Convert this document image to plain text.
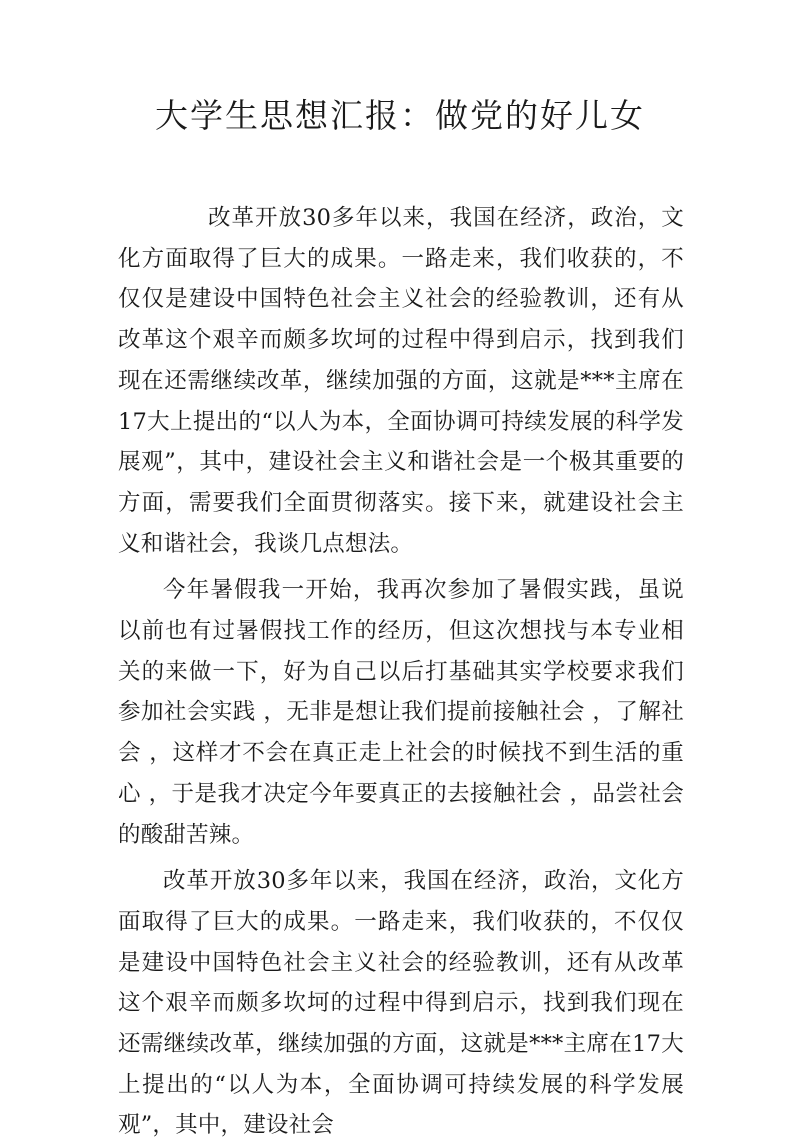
大学生思想汇报：做党的好儿女

改革开放30多年以来，我国在经济，政治，文化方面取得了巨大的成果。一路走来，我们收获的，不仅仅是建设中国特色社会主义社会的经验教训，还有从改革这个艰辛而颇多坎坷的过程中得到启示，找到我们现在还需继续改革，继续加强的方面，这就是***主席在17大上提出的“以人为本，全面协调可持续发展的科学发展观”，其中，建设社会主义和谐社会是一个极其重要的方面，需要我们全面贯彻落实。接下来，就建设社会主义和谐社会，我谈几点想法。

今年暑假我一开始，我再次参加了暑假实践，虽说以前也有过暑假找工作的经历，但这次想找与本专业相关的来做一下，好为自己以后打基础其实学校要求我们参加社会实践 ，无非是想让我们提前接触社会 ，了解社会 ，这样才不会在真正走上社会的时候找不到生活的重心 ，于是我才决定今年要真正的去接触社会 ，品尝社会的酸甜苦辣。

改革开放30多年以来，我国在经济，政治，文化方面取得了巨大的成果。一路走来，我们收获的，不仅仅是建设中国特色社会主义社会的经验教训，还有从改革这个艰辛而颇多坎坷的过程中得到启示，找到我们现在还需继续改革，继续加强的方面，这就是***主席在17大上提出的“以人为本，全面协调可持续发展的科学发展观”，其中，建设社会
